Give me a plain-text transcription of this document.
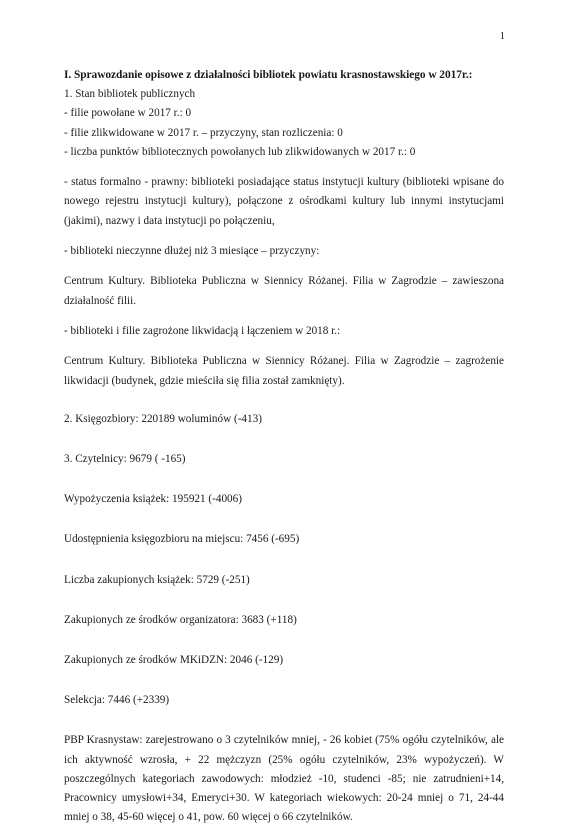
1

I. Sprawozdanie opisowe z działalności bibliotek powiatu krasnostawskiego w 2017r.:

1. Stan bibliotek publicznych

- filie powołane w 2017 r.: 0

- filie zlikwidowane w 2017 r. – przyczyny, stan rozliczenia: 0

- liczba punktów bibliotecznych powołanych lub zlikwidowanych w 2017 r.: 0

- status formalno - prawny: biblioteki posiadające status instytucji kultury (biblioteki wpisane do nowego rejestru instytucji kultury), połączone z ośrodkami kultury lub innymi instytucjami (jakimi), nazwy i data instytucji po połączeniu,

- biblioteki nieczynne dłużej niż 3 miesiące – przyczyny:

Centrum Kultury. Biblioteka Publiczna w Siennicy Różanej. Filia w Zagrodzie – zawieszona działalność filii.

- biblioteki i filie zagrożone likwidacją i łączeniem w 2018 r.:

Centrum Kultury. Biblioteka Publiczna w Siennicy Różanej. Filia w Zagrodzie – zagrożenie likwidacji (budynek, gdzie mieściła się filia został zamknięty).

2. Księgozbiory: 220189 woluminów (-413)

3. Czytelnicy: 9679 ( -165)

Wypożyczenia książek: 195921 (-4006)

Udostępnienia księgozbioru na miejscu: 7456 (-695)

Liczba zakupionych książek: 5729 (-251)

Zakupionych ze środków organizatora: 3683 (+118)

Zakupionych ze środków MKiDZN: 2046 (-129)

Selekcja: 7446 (+2339)

PBP Krasnystaw: zarejestrowano o 3 czytelników mniej, - 26 kobiet (75% ogółu czytelników, ale ich aktywność wzrosła, + 22 mężczyzn (25% ogółu czytelników, 23% wypożyczeń). W poszczególnych kategoriach zawodowych: młodzież -10, studenci -85; nie zatrudnieni+14, Pracownicy umysłowi+34, Emeryci+30. W kategoriach wiekowych: 20-24 mniej o 71, 24-44 mniej o 38, 45-60 więcej o 41, pow. 60 więcej o 66 czytelników.
